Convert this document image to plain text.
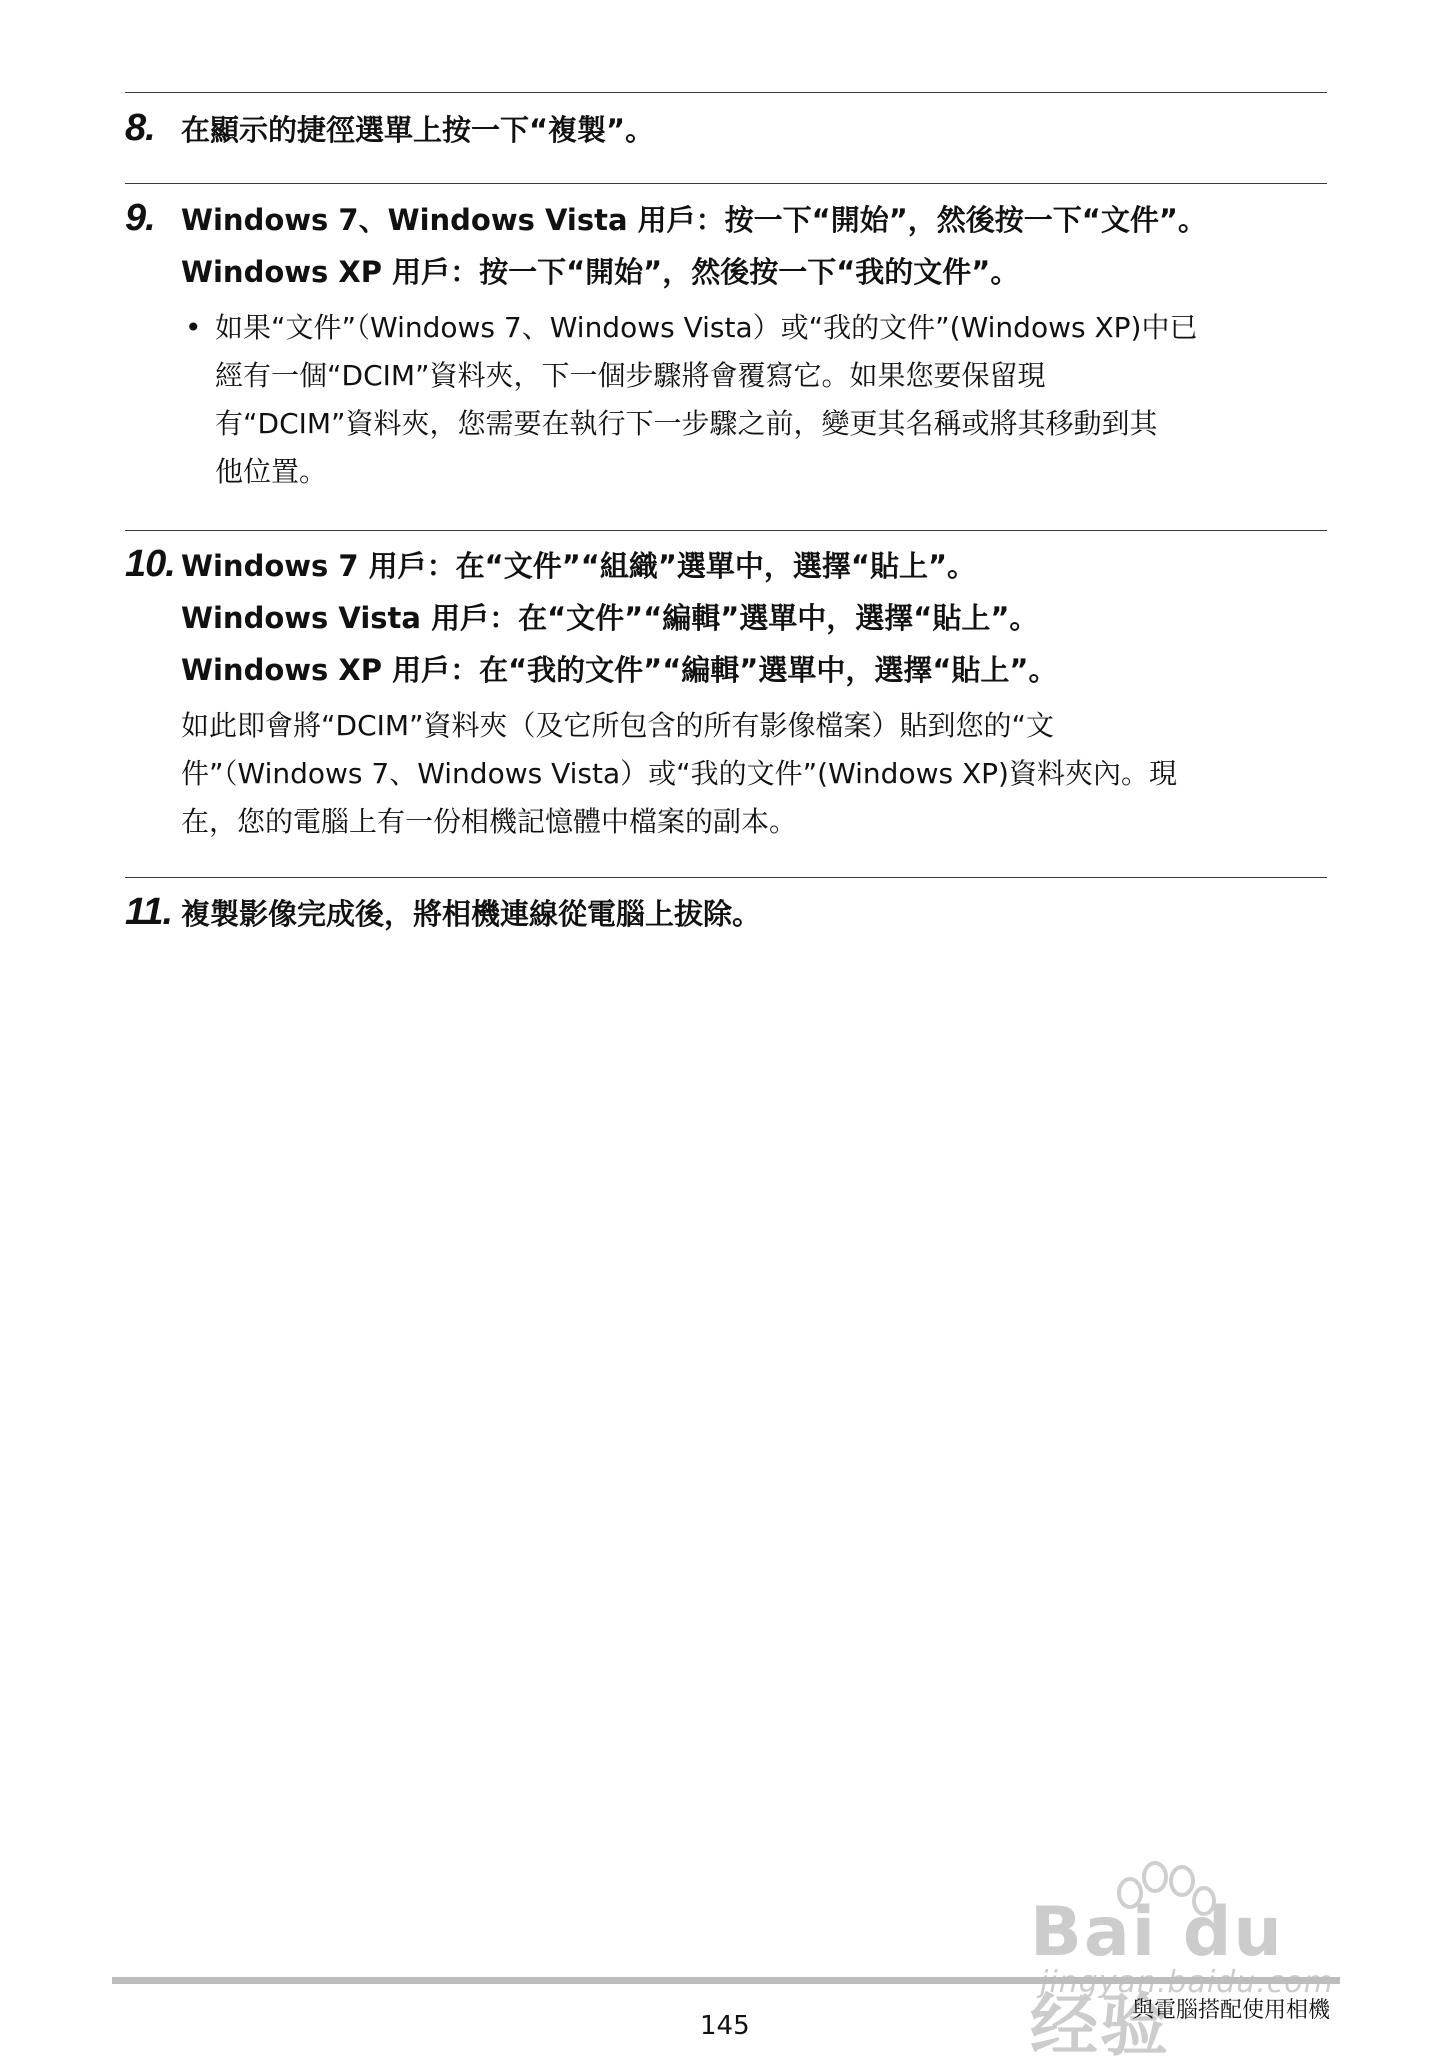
8. 在顯示的捷徑選單上按一下“複製”。
9. Windows 7、Windows Vista 用戶：按一下“開始”，然後按一下“文件”。
Windows XP 用戶：按一下“開始”，然後按一下“我的文件”。
• 如果“文件”（Windows 7、Windows Vista）或“我的文件”(Windows XP)中已
經有一個“DCIM”資料夾，下一個步驟將會覆寫它。如果您要保留現
有“DCIM”資料夾，您需要在執行下一步驟之前，變更其名稱或將其移動到其
他位置。
10. Windows 7 用戶：在“文件”“組織”選單中，選擇“貼上”。
Windows Vista 用戶：在“文件”“編輯”選單中，選擇“貼上”。
Windows XP 用戶：在“我的文件”“編輯”選單中，選擇“貼上”。
如此即會將“DCIM”資料夾（及它所包含的所有影像檔案）貼到您的“文
件”（Windows 7、Windows Vista）或“我的文件”(Windows XP)資料夾內。現
在，您的電腦上有一份相機記憶體中檔案的副本。
11. 複製影像完成後，將相機連線從電腦上拔除。
Bai du 经验
145
與電腦搭配使用相機
